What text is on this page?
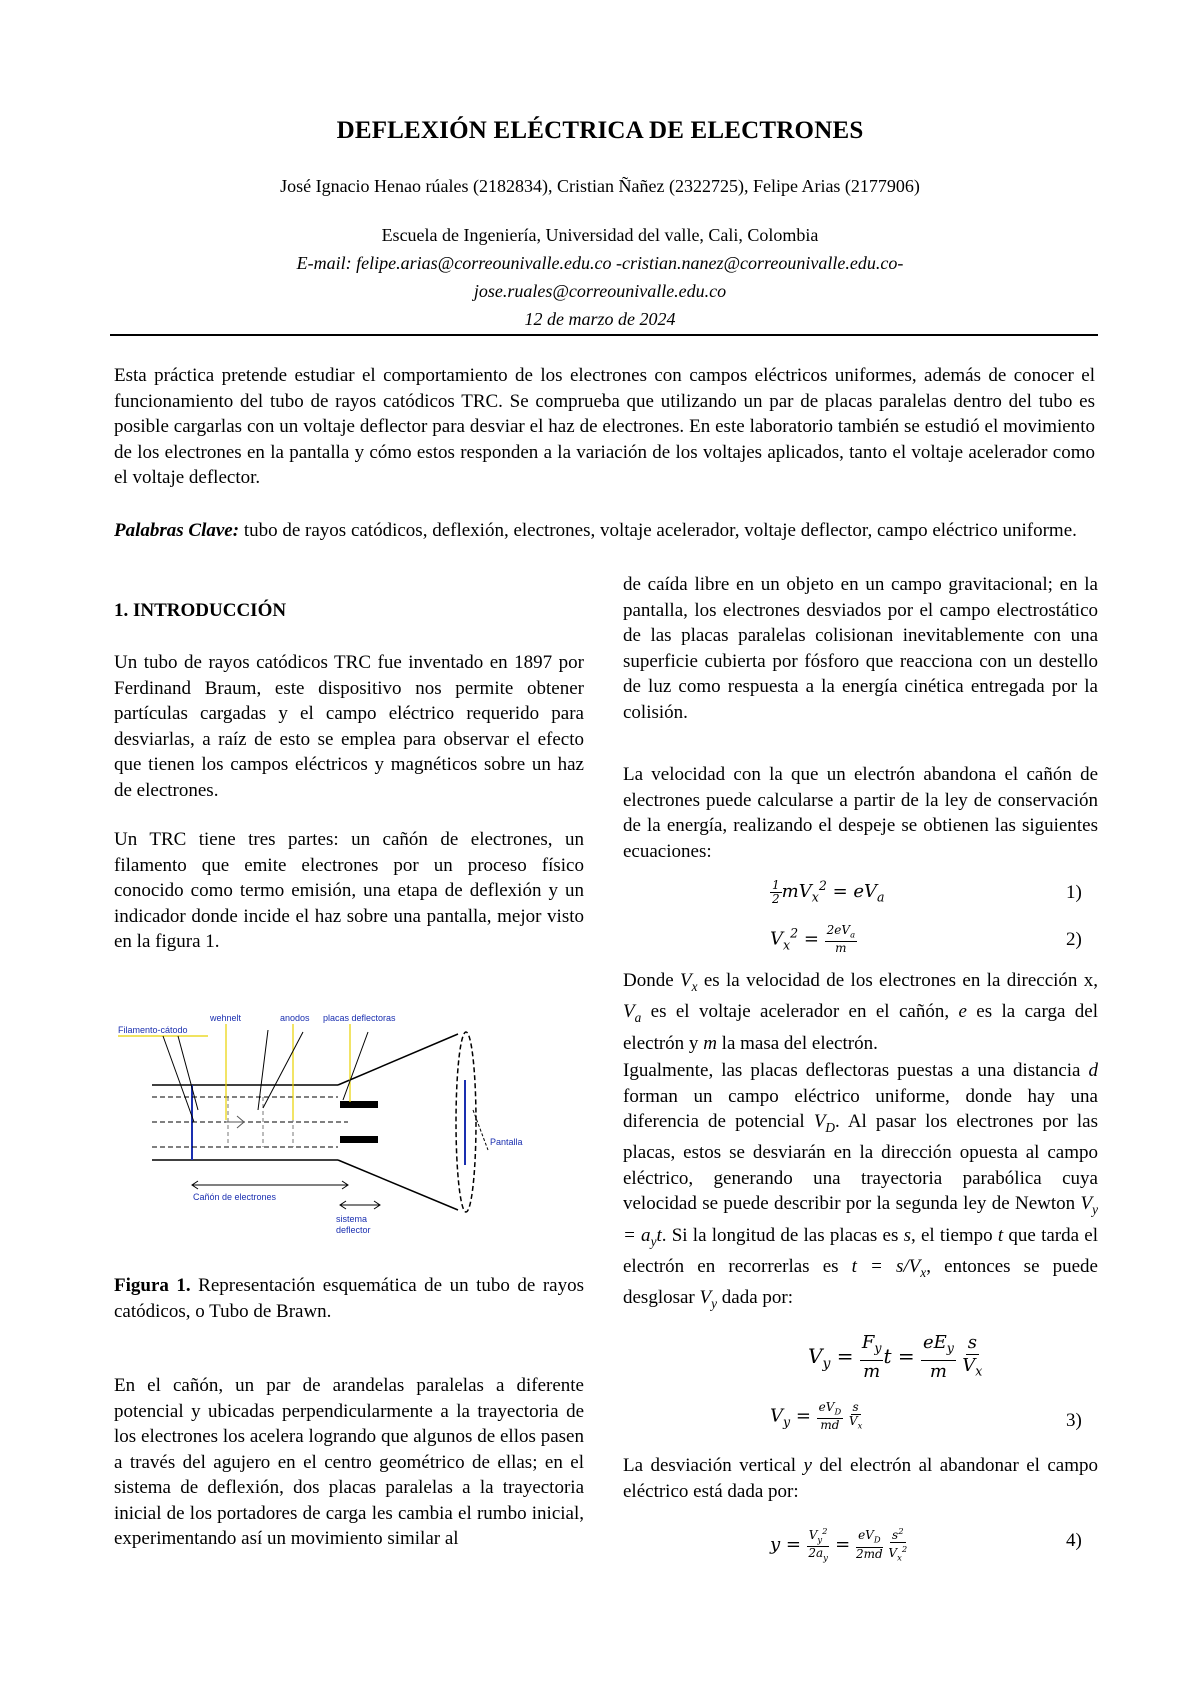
DEFLEXIÓN ELÉCTRICA DE ELECTRONES
José Ignacio Henao rúales (2182834), Cristian Ñañez (2322725), Felipe Arias (2177906)
Escuela de Ingeniería, Universidad del valle, Cali, Colombia
E-mail: felipe.arias@correounivalle.edu.co -cristian.nanez@correounivalle.edu.co-
jose.ruales@correounivalle.edu.co
12 de marzo de 2024
Esta práctica pretende estudiar el comportamiento de los electrones con campos eléctricos uniformes, además de conocer el funcionamiento del tubo de rayos catódicos TRC. Se comprueba que utilizando un par de placas paralelas dentro del tubo es posible cargarlas con un voltaje deflector para desviar el haz de electrones. En este laboratorio también se estudió el movimiento de los electrones en la pantalla y cómo estos responden a la variación de los voltajes aplicados, tanto el voltaje acelerador como el voltaje deflector.
Palabras Clave: tubo de rayos catódicos, deflexión, electrones, voltaje acelerador, voltaje deflector, campo eléctrico uniforme.
1. INTRODUCCIÓN
Un tubo de rayos catódicos TRC fue inventado en 1897 por Ferdinand Braum, este dispositivo nos permite obtener partículas cargadas y el campo eléctrico requerido para desviarlas, a raíz de esto se emplea para observar el efecto que tienen los campos eléctricos y magnéticos sobre un haz de electrones.
Un TRC tiene tres partes: un cañón de electrones, un filamento que emite electrones por un proceso físico conocido como termo emisión, una etapa de deflexión y un indicador donde incide el haz sobre una pantalla, mejor visto en la figura 1.
wehnelt	anodos placas deflectoras
Filamento-cátodo
Pantalla
Cañón de electrones
sistema
deflector
Figura 1. Representación esquemática de un tubo de rayos catódicos, o Tubo de Brawn.
En el cañón, un par de arandelas paralelas a diferente potencial y ubicadas perpendicularmente a la trayectoria de los electrones los acelera logrando que algunos de ellos pasen a través del agujero en el centro geométrico de ellas; en el sistema de deflexión, dos placas paralelas a la trayectoria inicial de los portadores de carga les cambia el rumbo inicial, experimentando así un movimiento similar al
de caída libre en un objeto en un campo gravitacional; en la pantalla, los electrones desviados por el campo electrostático de las placas paralelas colisionan inevitablemente con una superficie cubierta por fósforo que reacciona con un destello de luz como respuesta a la energía cinética entregada por la colisión.
La velocidad con la que un electrón abandona el cañón de electrones puede calcularse a partir de la ley de conservación de la energía, realizando el despeje se obtienen las siguientes ecuaciones:
$\frac{1}{2} mV_x^2 = eV_a$	1)
$V_x^2 = \frac{2eV_a}{m}$	2)
Donde $V_x$ es la velocidad de los electrones en la dirección x, $V_a$ es el voltaje acelerador en el cañón, e es la carga del electrón y m la masa del electrón.
Igualmente, las placas deflectoras puestas a una distancia d forman un campo eléctrico uniforme, donde hay una diferencia de potencial $V_D$. Al pasar los electrones por las placas, estos se desviarán en la dirección opuesta al campo eléctrico, generando una trayectoria parabólica cuya velocidad se puede describir por la segunda ley de Newton $V_y = a_yt$. Si la longitud de las placas es s, el tiempo t que tarda el electrón en recorrerlas es $t = s/V_x$, entonces se puede desglosar $V_y$ dada por:
$V_y = \frac{F_y}{m}$ $t = \frac{eE_y}{m}$
$\frac{s}{V_x}$
$V_y = \frac{eV_D}{md}$
$\frac{s}{V_x}$	3)
La desviación vertical y del electrón al abandonar el campo eléctrico está dada por:
$y = \frac{V_y^2}{2a_y} = \frac{eV_D}{2md}$
$\frac{s^2}{V_x^2}$	4)
